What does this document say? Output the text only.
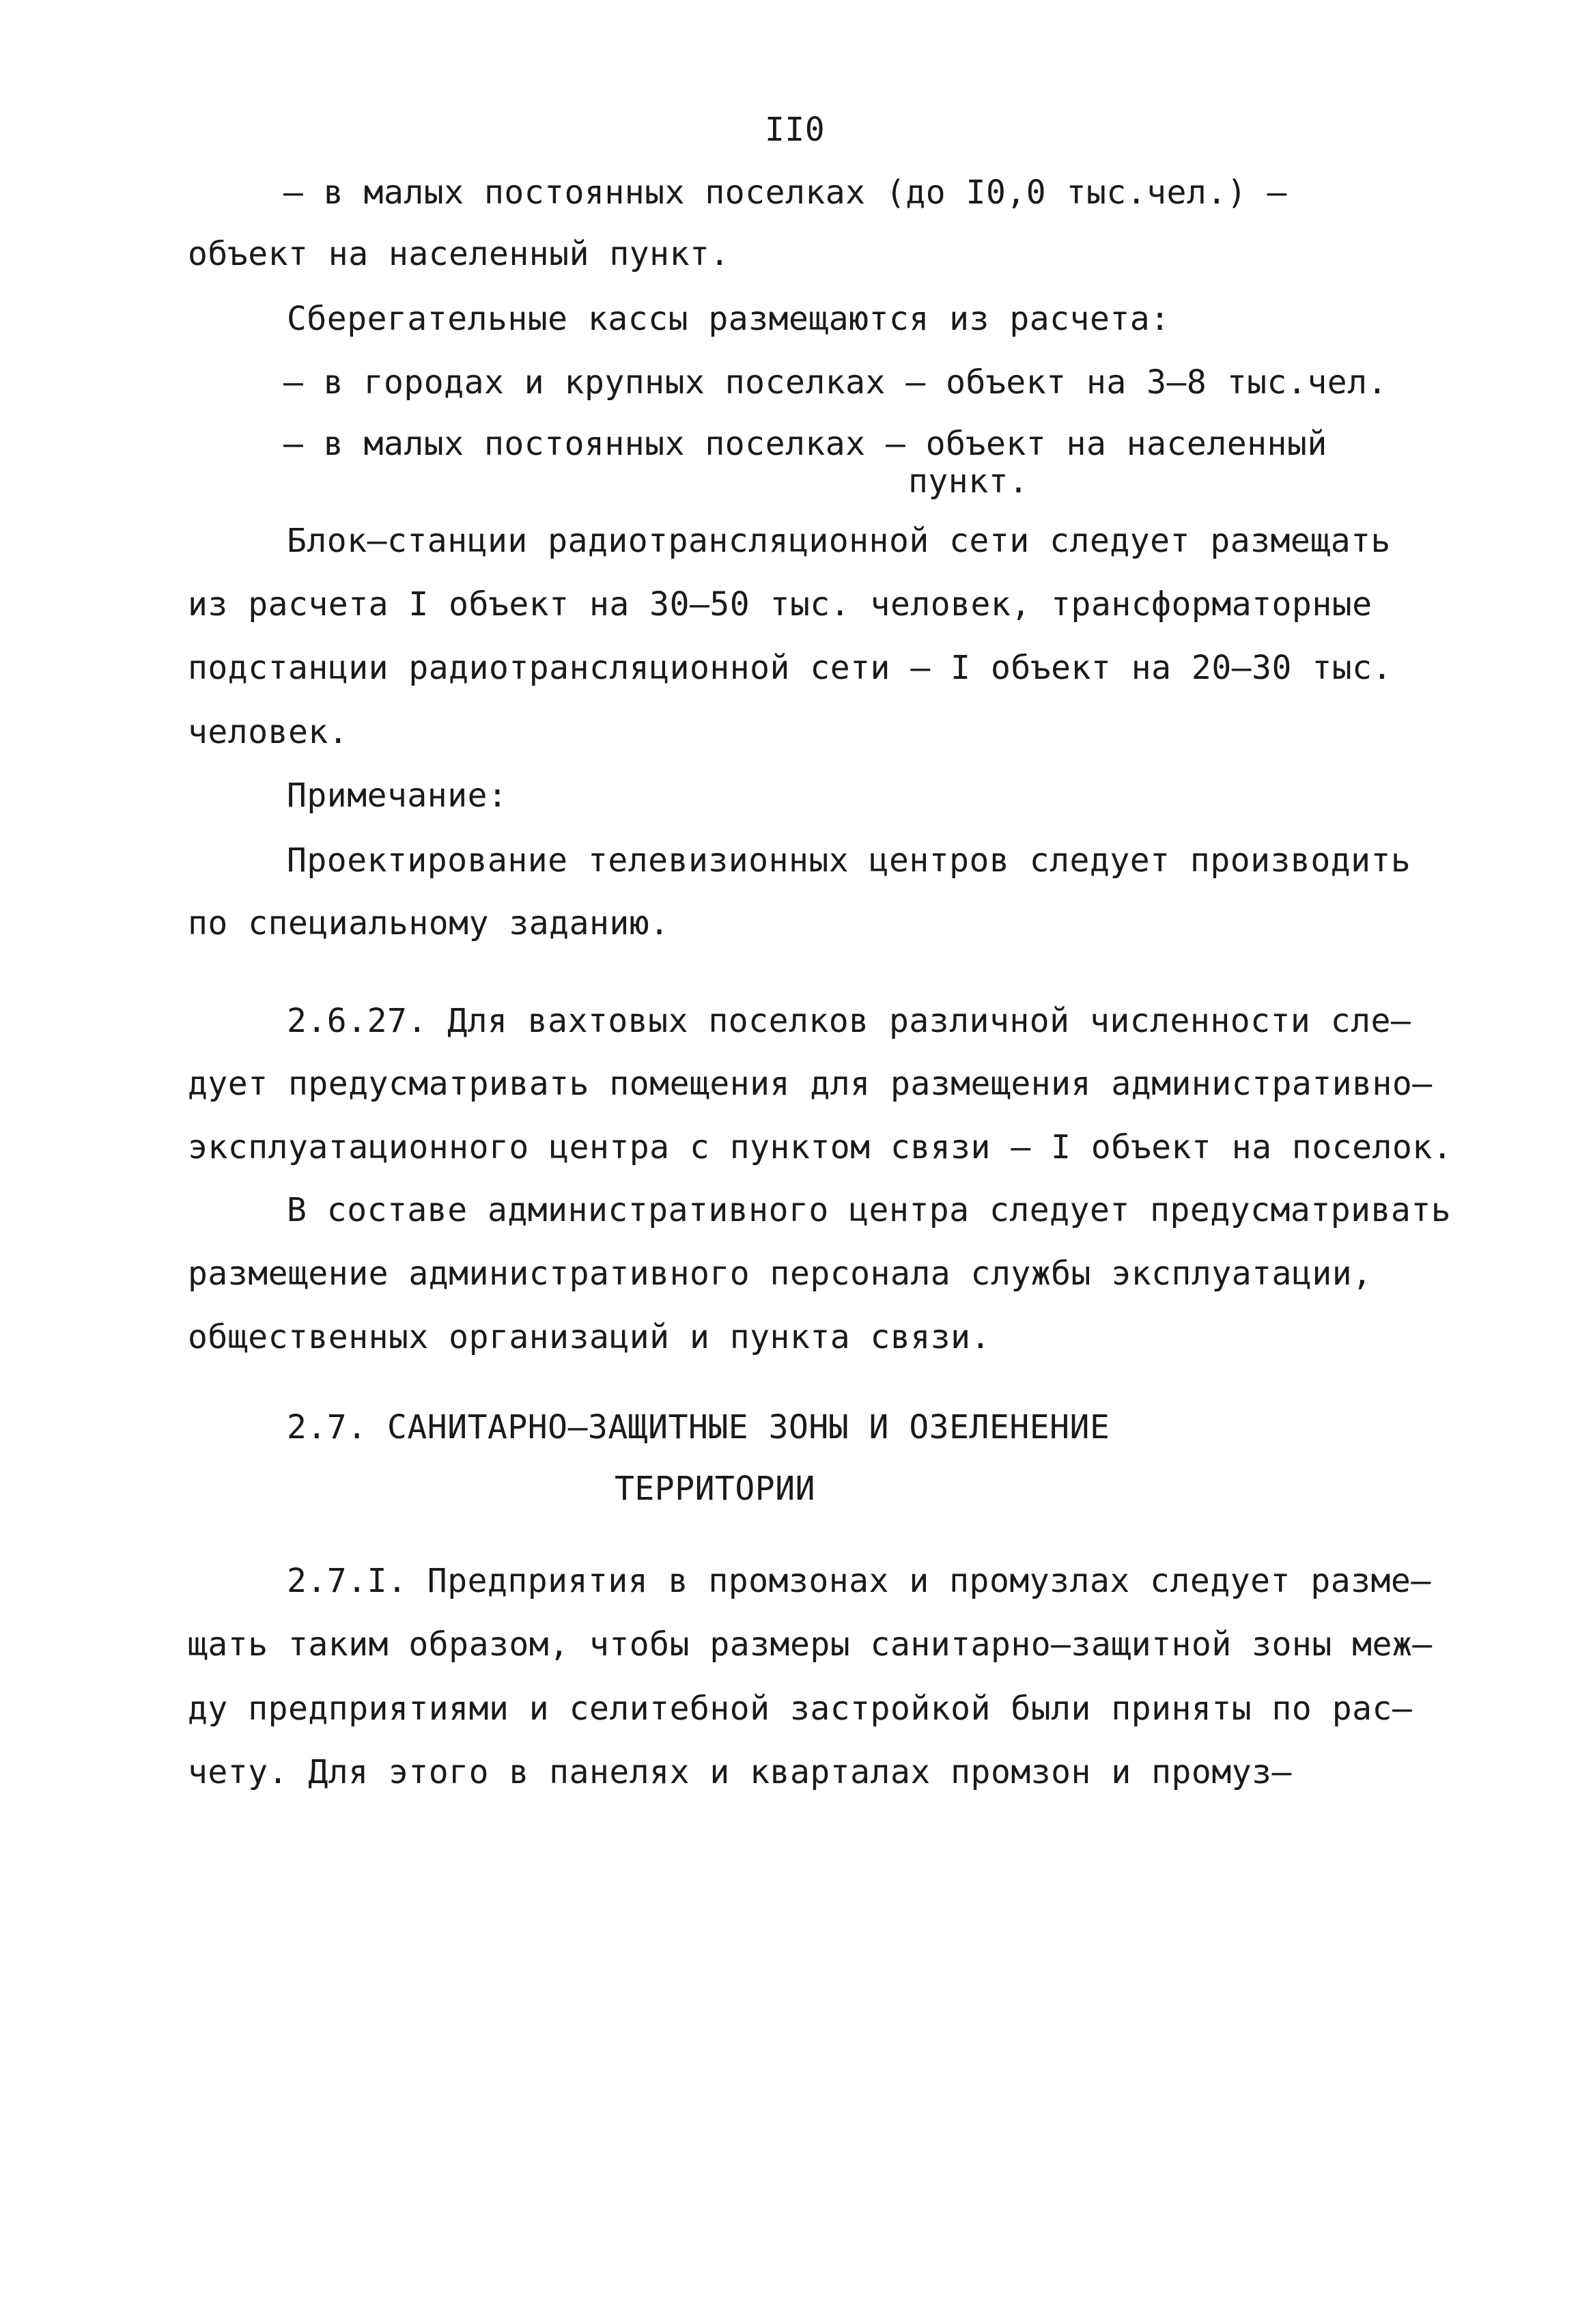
II0
– в малых постоянных поселках (до I0,0 тыс.чел.) –
объект на населенный пункт.
Сберегательные кассы размещаются из расчета:
– в городах и крупных поселках – объект на 3–8 тыс.чел.
– в малых постоянных поселках – объект на населенный
пункт.
Блок–станции радиотрансляционной сети следует размещать
из расчета I объект на 30–50 тыс. человек, трансформаторные
подстанции радиотрансляционной сети – I объект на 20–30 тыс.
человек.
Примечание:
Проектирование телевизионных центров следует производить
по специальному заданию.
2.6.27. Для вахтовых поселков различной численности сле–
дует предусматривать помещения для размещения административно–
эксплуатационного центра с пунктом связи – I объект на поселок.
В составе административного центра следует предусматривать
размещение административного персонала службы эксплуатации,
общественных организаций и пункта связи.
2.7. САНИТАРНО–ЗАЩИТНЫЕ ЗОНЫ И ОЗЕЛЕНЕНИЕ
ТЕРРИТОРИИ
2.7.I. Предприятия в промзонах и промузлах следует разме–
щать таким образом, чтобы размеры санитарно–защитной зоны меж–
ду предприятиями и селитебной застройкой были приняты по рас–
чету. Для этого в панелях и кварталах промзон и промуз–
